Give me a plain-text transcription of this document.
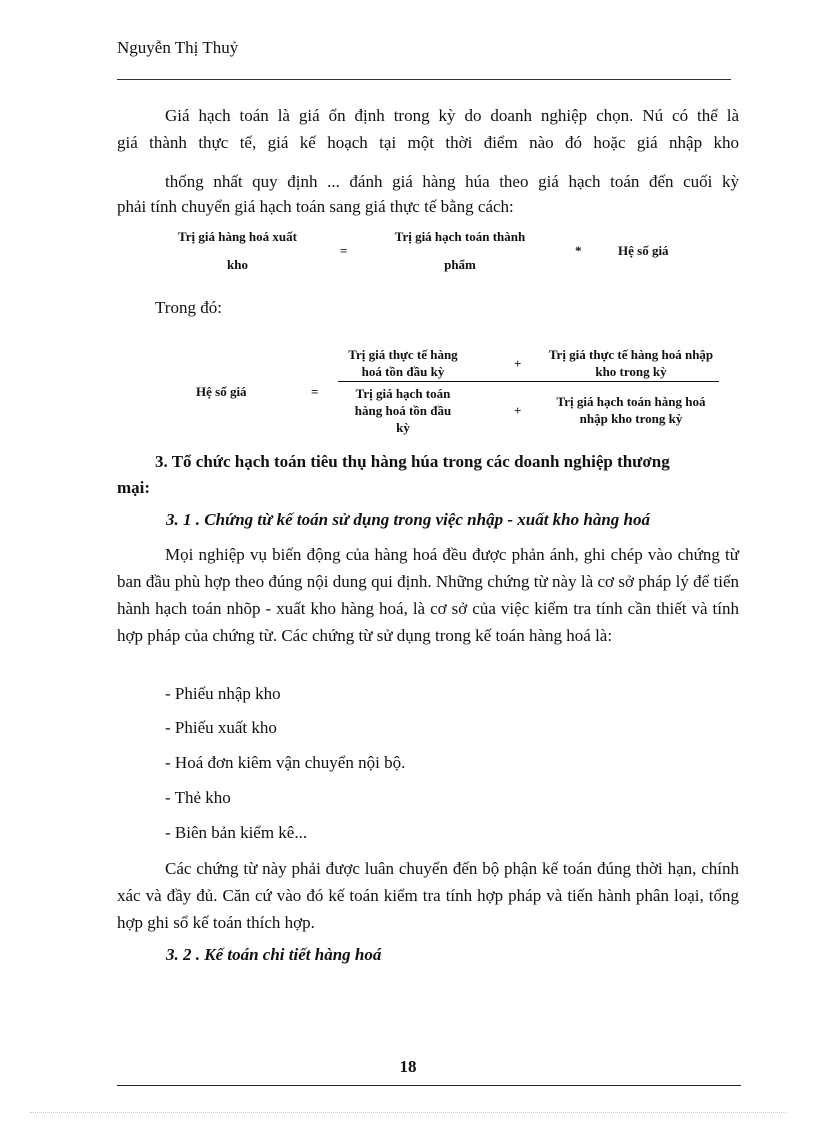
Nguyễn Thị Thuỷ
Giá hạch toán là giá ổn định trong kỳ do doanh nghiệp chọn. Nú có thể là
giá thành thực tế, giá kế hoạch tại một thời điểm nào đó hoặc giá nhập kho
thống nhất quy định ... đánh giá hàng húa theo giá hạch toán đến cuối kỳ
phải tính chuyển giá hạch toán sang giá thực tế bằng cách:
Trị giá hàng hoá xuất
kho
=
Trị giá hạch toán thành
phẩm
*	Hệ số giá
Trong đó:
Hệ số giá	=
Trị giá thực tế hàng hoá tồn đầu kỳ
+
Trị giá thực tế hàng hoá nhập kho trong kỳ
Trị giá hạch toán hàng hoá tồn đầu kỳ
+
Trị giá hạch toán hàng hoá nhập kho trong kỳ
3. Tổ chức hạch toán tiêu thụ hàng húa trong các doanh nghiệp thương
mại:
3. 1 . Chứng từ kế toán sử dụng trong việc nhập - xuất kho hàng hoá
Mọi nghiệp vụ biến động của hàng hoá đều được phản ánh, ghi chép vào chứng từ ban đầu phù hợp theo đúng nội dung qui định. Những chứng từ này là cơ sở pháp lý để tiến hành hạch toán nhõp - xuất kho hàng hoá, là cơ sở của việc kiểm tra tính cần thiết và tính hợp pháp của chứng từ. Các chứng từ sử dụng trong kế toán hàng hoá là:
- Phiếu nhập kho
- Phiếu xuất kho
- Hoá đơn kiêm vận chuyển nội bộ.
- Thẻ kho
- Biên bản kiểm kê...
Các chứng từ này phải được luân chuyển đến bộ phận kế toán đúng thời hạn, chính xác và đầy đủ. Căn cứ vào đó kế toán kiểm tra tính hợp pháp và tiến hành phân loại, tổng hợp ghi sổ kế toán thích hợp.
3. 2 . Kế toán chi tiết hàng hoá
18
